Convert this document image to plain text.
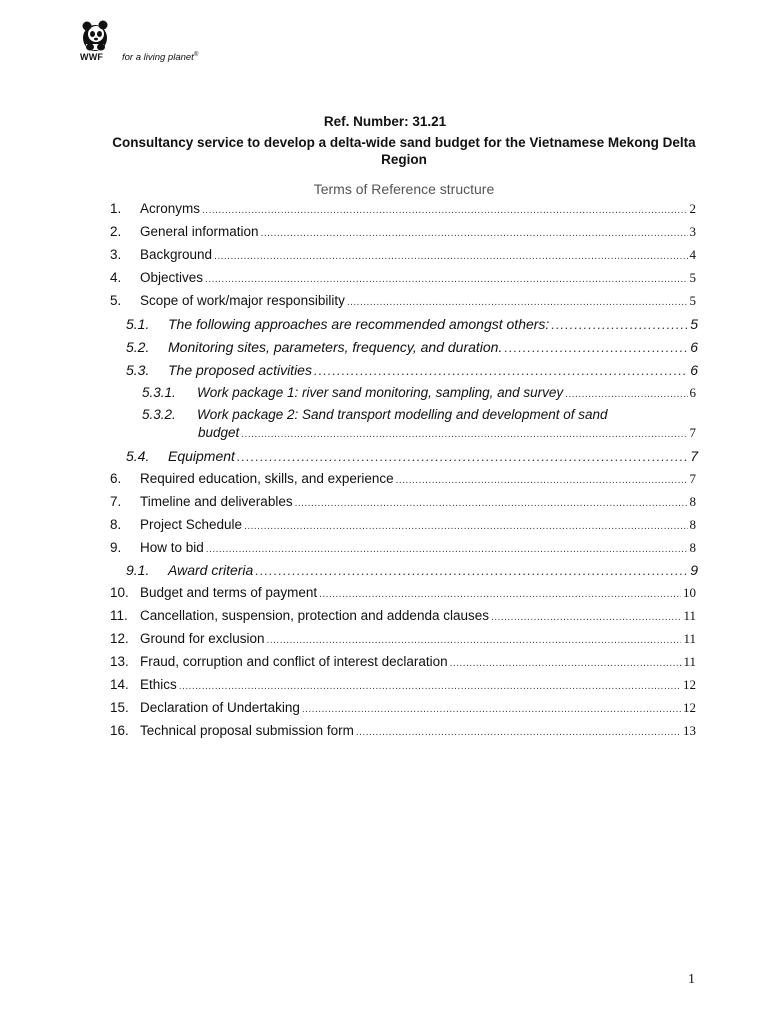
WWF for a living planet®
Ref. Number: 31.21
Consultancy service to develop a delta-wide sand budget for the Vietnamese Mekong Delta Region
Terms of Reference structure
1.	Acronyms .....	2
2.	General information .....	3
3.	Background .....	4
4.	Objectives .....	5
5.	Scope of work/major responsibility .....	5
5.1.	The following approaches are recommended amongst others: .....	5
5.2.	Monitoring sites, parameters, frequency, and duration. .....	6
5.3.	The proposed activities .....	6
5.3.1.	Work package 1: river sand monitoring, sampling, and survey .....	6
5.3.2.	Work package 2: Sand transport modelling and development of sand
budget .....	7
5.4.	Equipment .....	7
6.	Required education, skills, and experience .....	7
7.	Timeline and deliverables .....	8
8.	Project Schedule .....	8
9.	How to bid .....	8
9.1.	Award criteria .....	9
10. Budget and terms of payment .....	10
11. Cancellation, suspension, protection and addenda clauses .....	11
12. Ground for exclusion .....	11
13. Fraud, corruption and conflict of interest declaration .....	11
14. Ethics .....	12
15. Declaration of Undertaking .....	12
16. Technical proposal submission form .....	13
1
